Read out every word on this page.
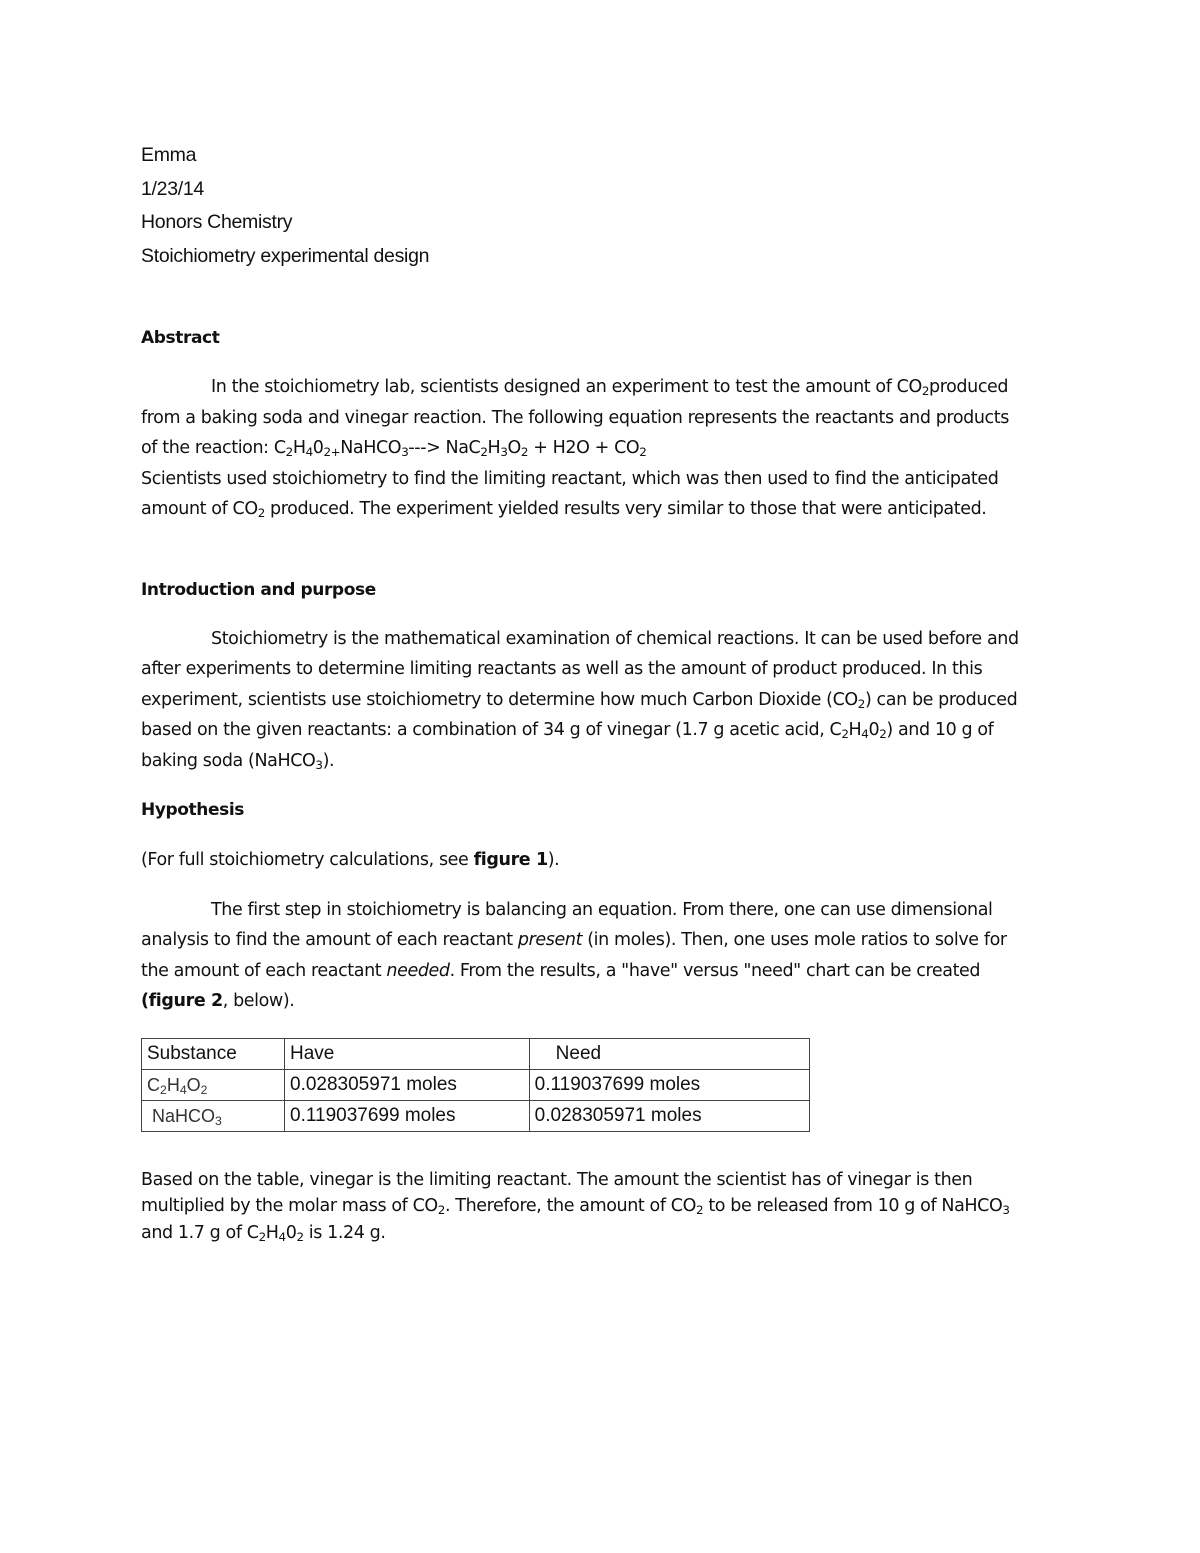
Emma
1/23/14
Honors Chemistry
Stoichiometry experimental design
Abstract
In the stoichiometry lab, scientists designed an experiment to test the amount of $CO_2produced$
from a baking soda and vinegar reaction. The following equation represents the reactants and products
of the reaction: $C_2H_40_{2+}NaHCO_3---> NaC_2H_3O_2 + H2O + CO_2$
Scientists used stoichiometry to find the limiting reactant, which was then used to find the anticipated
amount of $CO_2$ produced. The experiment yielded results very similar to those that were anticipated.
Introduction and purpose
Stoichiometry is the mathematical examination of chemical reactions. It can be used before and
after experiments to determine limiting reactants as well as the amount of product produced. In this
experiment, scientists use stoichiometry to determine how much Carbon Dioxide $(CO_2)$ can be produced
based on the given reactants: a combination of 34 g of vinegar (1.7 g acetic acid, $C_2H_40_2$) and 10 g of
baking soda (NaHCO$_3$).
Hypothesis
(For full stoichiometry calculations, see figure 1).
The first step in stoichiometry is balancing an equation. From there, one can use dimensional
analysis to find the amount of each reactant present (in moles). Then, one uses mole ratios to solve for
the amount of each reactant needed. From the results, a "have" versus "need" chart can be created
(figure 2, below).
Substance	Have	Need
$C_2H_4O_2$	0.028305971 moles	0.119037699 moles
NaHCO$_3$	0.119037699 moles	0.028305971 moles
Based on the table, vinegar is the limiting reactant. The amount the scientist has of vinegar is then
multiplied by the molar mass of $CO_2$. Therefore, the amount of $CO_2$ to be released from 10 g of NaHCO$_3$
and 1.7 g of $C_2H_40_2$ is 1.24 g.
